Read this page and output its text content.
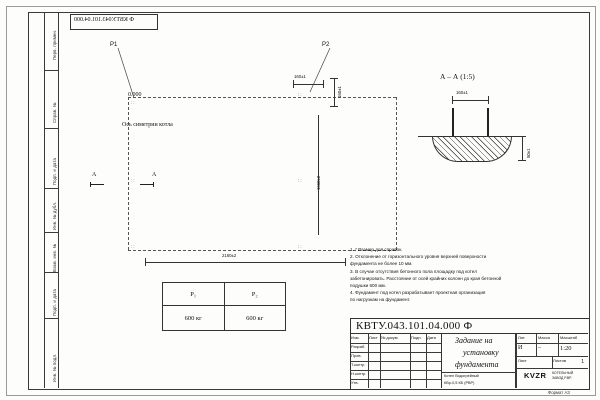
Перв. примен.
Справ. №
Подп. и дата
Инв. № дубл.
Взам. инв. №
Подп. и дата
Инв. № подл.
Ф КВТУ.043.101.04.000
: :
: :
: :	: :
: :	: :
Р1	Р2
0.000
Ось симетрии котла
А	А
160±1
160±1
1660±2
2160±2
А – А (1:5)
160±1
50±1
1. * Размер для справок.
2. Отклонение от горизонтального уровня верхней поверхности
фундамента не более 10 мм.
3. В случае отсутствия бетонного пола площадку под котел
забетонировать. Расстояние от осей крайних колонн до края бетонной
подушки 600 мм.
4. Фундамент под котел разрабатывает проектная организация
по нагрузкам на фундамент.
Р₁	Р₂
600 кг	600 кг
КВТУ.043.101.04.000 Ф
Изм.	Лист № докум.	Подп.	Дата
Разраб.
Пров.
Т.контр.
Н.контр.
Утв.
Задание на
установку
фундамента
Котел Водогрейный
КВр-0,5 КБ (РВР)
Лит.	Масса	Масштаб
И	–	1:20
Лист	Листов	1
KVZR КОТЕЛЬНЫЙ
ЗАВОД Р.ВР.
Формат А3
